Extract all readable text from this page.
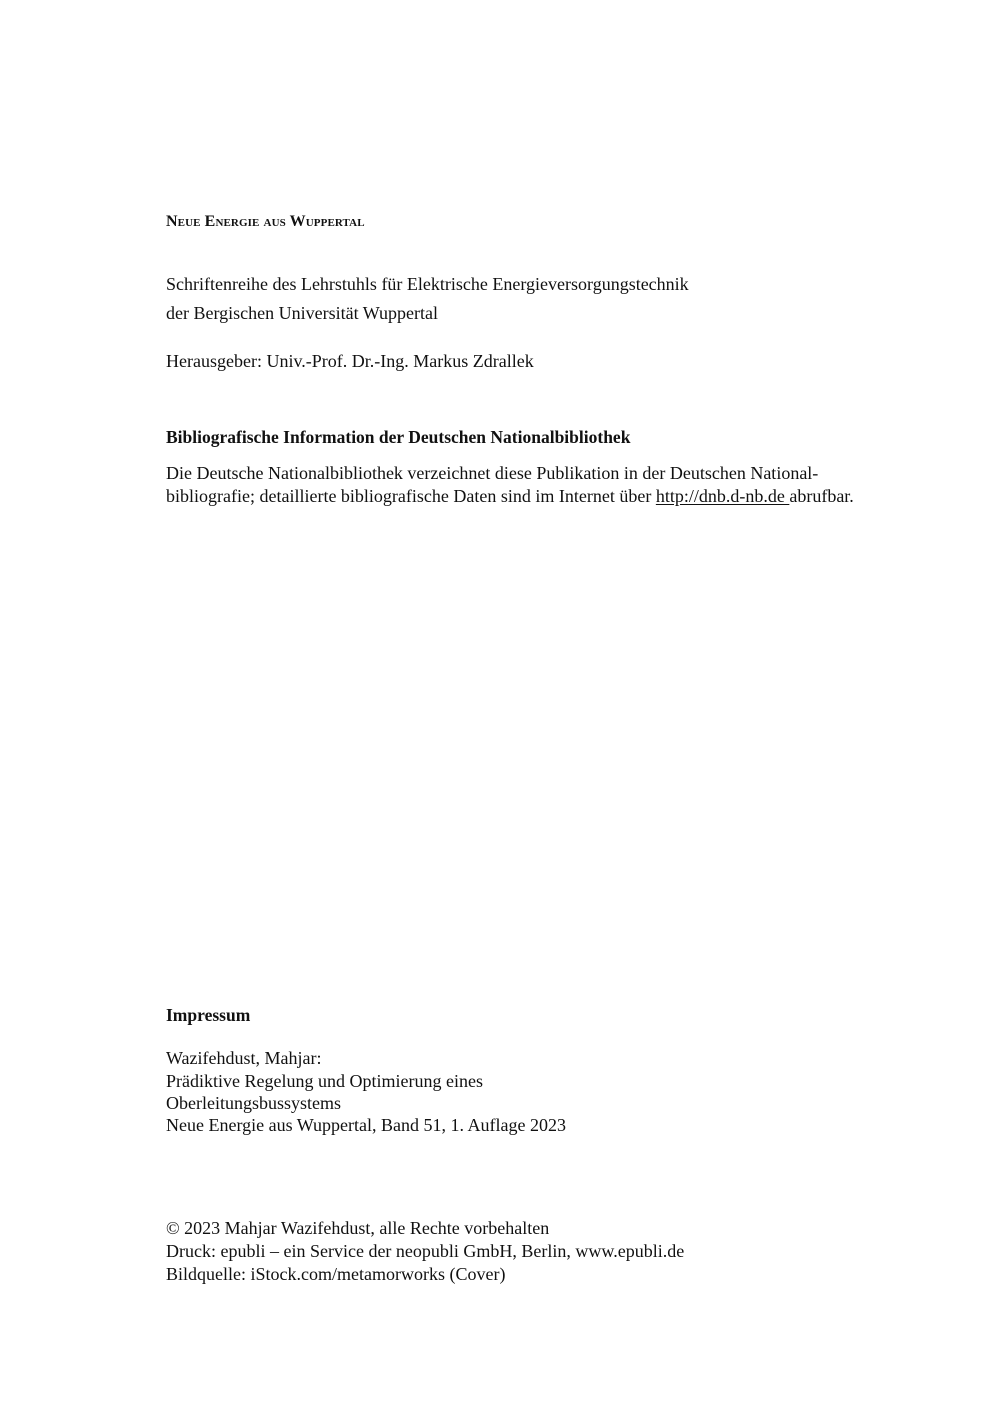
Neue Energie aus Wuppertal

Schriftenreihe des Lehrstuhls für Elektrische Energieversorgungstechnik

der Bergischen Universität Wuppertal

Herausgeber: Univ.-Prof. Dr.-Ing. Markus Zdrallek

Bibliografische Information der Deutschen Nationalbibliothek

Die Deutsche Nationalbibliothek verzeichnet diese Publikation in der Deutschen National-

bibliografie; detaillierte bibliografische Daten sind im Internet über http://dnb.d-nb.de abrufbar.

Impressum

Wazifehdust, Mahjar:

Prädiktive Regelung und Optimierung eines

Oberleitungsbussystems

Neue Energie aus Wuppertal, Band 51, 1. Auflage 2023

© 2023 Mahjar Wazifehdust, alle Rechte vorbehalten

Druck: epubli – ein Service der neopubli GmbH, Berlin, www.epubli.de

Bildquelle: iStock.com/metamorworks (Cover)
